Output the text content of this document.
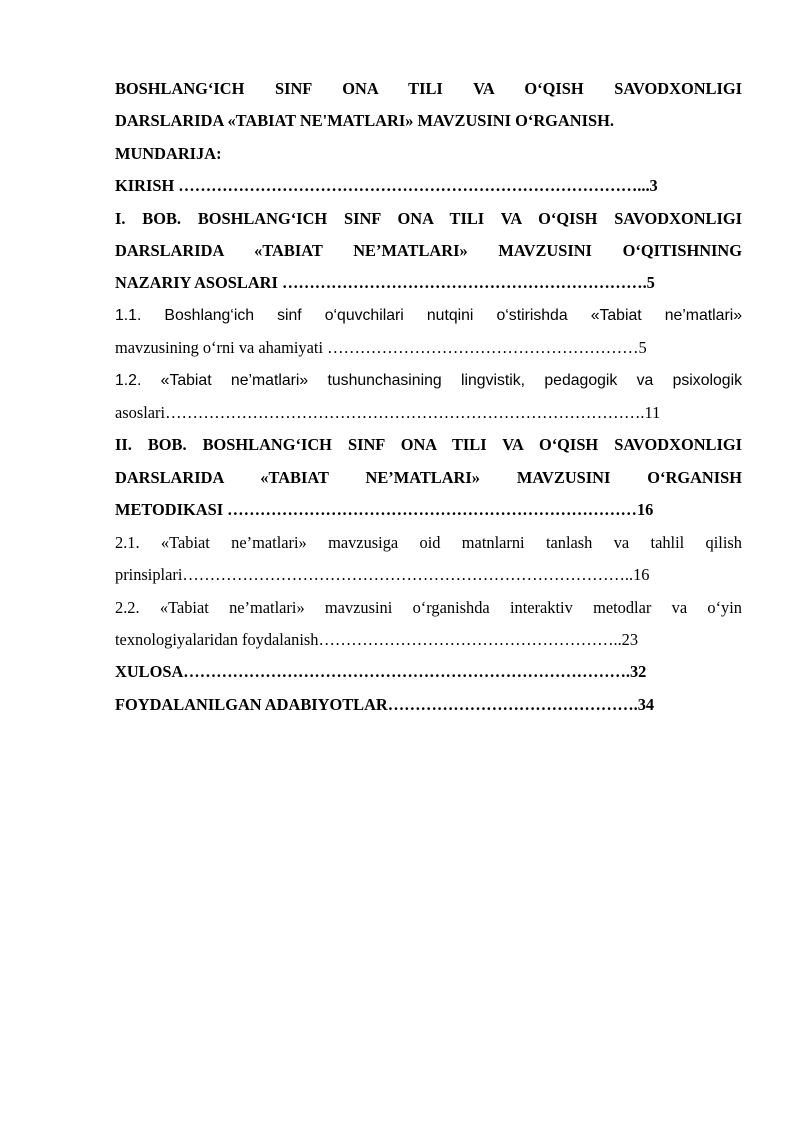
BOSHLANG‘ICH SINF ONA TILI VA O‘QISH SAVODXONLIGI
DARSLARIDA «TABIAT NE'MATLARI» MAVZUSINI O‘RGANISH.
MUNDARIJA:
KIRISH …………………………………………………………………………...3
I. BOB. BOSHLANG‘ICH SINF ONA TILI VA O‘QISH SAVODXONLIGI
DARSLARIDA «TABIAT NE’MATLARI» MAVZUSINI O‘QITISHNING
NAZARIY ASOSLARI ………………………………………………………….5
1.1. Boshlang‘ich sinf o‘quvchilari nutqini o‘stirishda «Tabiat ne’matlari»
mavzusining o‘rni va ahamiyati …………………………………………………5
1.2. «Tabiat ne’matlari» tushunchasining lingvistik, pedagogik va psixologik
asoslari…………………………………………………………………………….11
II. BOB. BOSHLANG‘ICH SINF ONA TILI VA O‘QISH SAVODXONLIGI
DARSLARIDA «TABIAT NE’MATLARI» MAVZUSINI O‘RGANISH
METODIKASI …………………………………………………………………16
2.1. «Tabiat ne’matlari» mavzusiga oid matnlarni tanlash va tahlil qilish
prinsiplari………………………………………………………………………..16
2.2. «Tabiat ne’matlari» mavzusini o‘rganishda interaktiv metodlar va o‘yin
texnologiyalaridan foydalanish………………………………………………..23
XULOSA……………………………………………………………………….32
FOYDALANILGAN ADABIYOTLAR……………………………………….34
